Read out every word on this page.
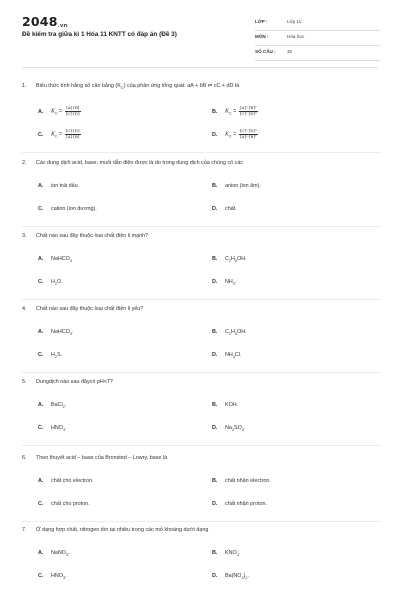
$2048_{.vn}$
Đề kiểm tra giữa kì 1 Hóa 11 KNTT có đáp án (Đề 3)
LỚP :	Lớp 11
MÔN :	Hóa học
SỐ CÂU : 30
1. Biểu thức tính hằng số cân bằng $(K_C)$ của phản ứng tổng quát: aA + bB ⇌ cC + dD là
A. $K_C = \frac{[A]\cdot[B]}{[C]\cdot[D]}$	B. $K_C = \frac{\text{[A]ᵃ·[B]ᵇ}}{\text{[C]ᶜ·[D]ᵈ}}$
C. $K_C = \frac{[C]\cdot[D]}{[A]\cdot[B]}$	D. $K_C = \frac{\text{[C]ᶜ·[D]ᵈ}}{\text{[A]ᵃ·[B]ᵇ}}$
2. Các dung dịch acid, base, muối dẫn điện được là do trong dung dịch của chúng có các
A. ion trái dấu.	B. anion (ion âm).
C. cation (ion dương).	D. chất.
3. Chất nào sau đây thuộc loại chất điện li mạnh?
A. NaHCO$_3$	B. $C_2H_5OH$.
C. $H_2O$.	D. $NH_3$.
4. Chất nào sau đây thuộc loại chất điện li yếu?
A. NaHCO$_3$.	B. $C_2H_5OH$.
C. $H_2S$.	D. $NH_4Cl$.
5. Dungdịch nào sau đâycó pH<7?
A. BaCl$_2$.	B. KOH.
C. $HNO_3$.	D. $Na_2SO_4$.
6. Theo thuyết acid – base của Bronsted – Lowry, base là
A. chất cho electron.	B. chất nhận electron.
C. chất cho proton.	D. chất nhận proton.
7. Ở dạng hợp chất, nitrogen tồn tại nhiều trong các mỏ khoáng dưới dạng
A. NaNO$_3$.	B. $KNO_3$.
C. $HNO_3$.	D. $Ba(NO_3)_2$.
